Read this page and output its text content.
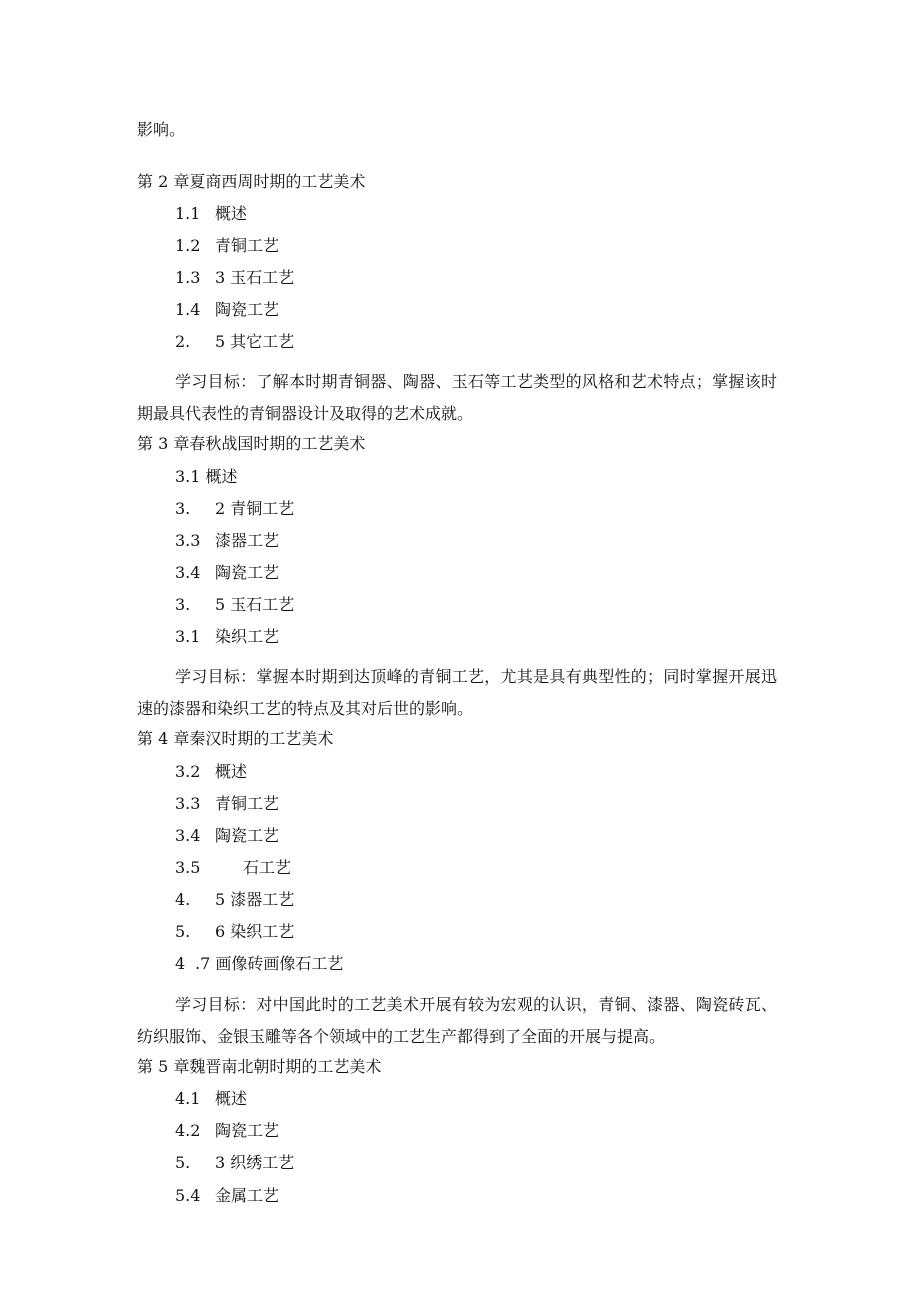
影响。

第 2 章夏商西周时期的工艺美术

1.1 概述

1.2 青铜工艺

1.3 3 玉石工艺

1.4 陶瓷工艺

2. 5 其它工艺

学习目标：了解本时期青铜器、陶器、玉石等工艺类型的风格和艺术特点；掌握该时期最具代表性的青铜器设计及取得的艺术成就。

第 3 章春秋战国时期的工艺美术

3.1 概述

3. 2 青铜工艺

3.3 漆器工艺

3.4 陶瓷工艺

3. 5 玉石工艺

3.1 染织工艺

学习目标：掌握本时期到达顶峰的青铜工艺，尤其是具有典型性的；同时掌握开展迅速的漆器和染织工艺的特点及其对后世的影响。

第 4 章秦汉时期的工艺美术

3.2 概述

3.3 青铜工艺

3.4 陶瓷工艺

3.5	石工艺

4. 5 漆器工艺

5. 6 染织工艺

4 .7 画像砖画像石工艺

学习目标：对中国此时的工艺美术开展有较为宏观的认识，青铜、漆器、陶瓷砖瓦、纺织服饰、金银玉雕等各个领域中的工艺生产都得到了全面的开展与提高。

第 5 章魏晋南北朝时期的工艺美术

4.1 概述

4.2 陶瓷工艺

5. 3 织绣工艺

5.4 金属工艺
